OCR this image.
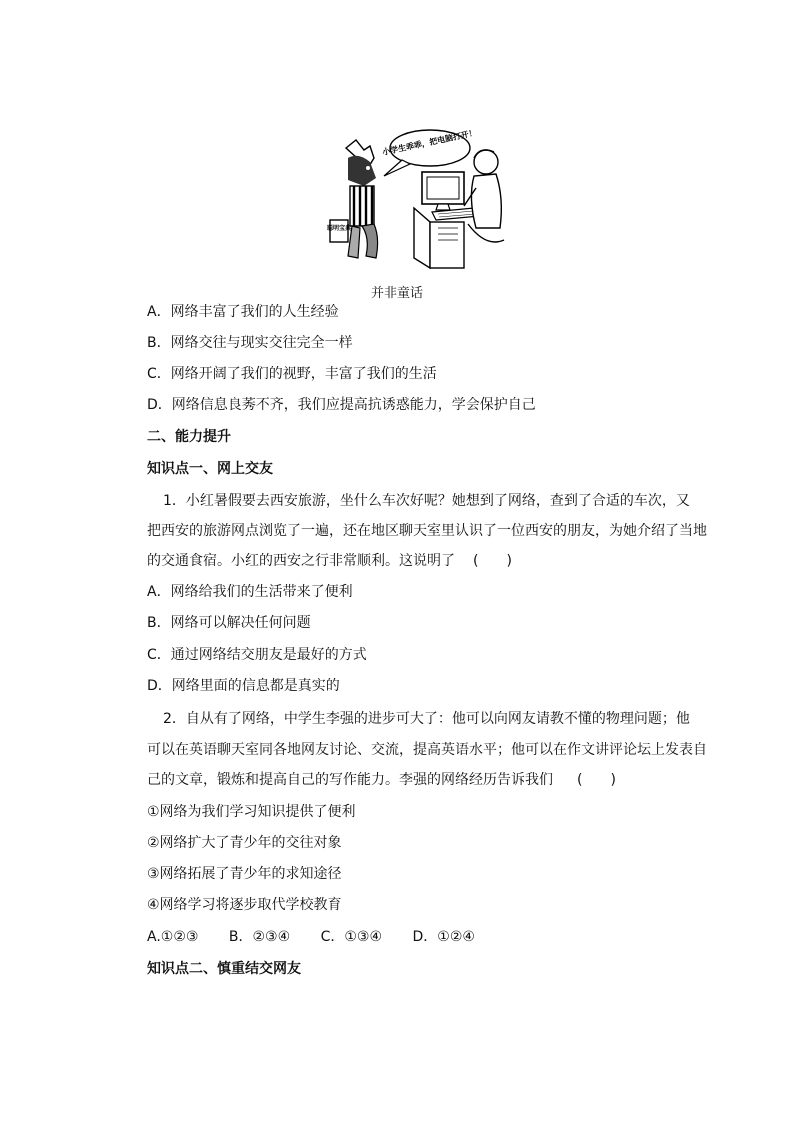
小学生乖乖，把电脑打开！
聪明宝典
并非童话
A．网络丰富了我们的人生经验
B．网络交往与现实交往完全一样
C．网络开阔了我们的视野，丰富了我们的生活
D．网络信息良莠不齐，我们应提高抗诱惑能力，学会保护自己
二、能力提升
知识点一、网上交友
1．小红暑假要去西安旅游，坐什么车次好呢？她想到了网络，查到了合适的车次，又
把西安的旅游网点浏览了一遍，还在地区聊天室里认识了一位西安的朋友，为她介绍了当地
的交通食宿。小红的西安之行非常顺利。这说明了 (　　)
A．网络给我们的生活带来了便利
B．网络可以解决任何问题
C．通过网络结交朋友是最好的方式
D．网络里面的信息都是真实的
2．自从有了网络，中学生李强的进步可大了：他可以向网友请教不懂的物理问题；他
可以在英语聊天室同各地网友讨论、交流，提高英语水平；他可以在作文讲评论坛上发表自
己的文章，锻炼和提高自己的写作能力。李强的网络经历告诉我们 (　　)
①网络为我们学习知识提供了便利
②网络扩大了青少年的交往对象
③网络拓展了青少年的求知途径
④网络学习将逐步取代学校教育
A.①②③ B．②③④ C．①③④ D．①②④
知识点二、慎重结交网友
